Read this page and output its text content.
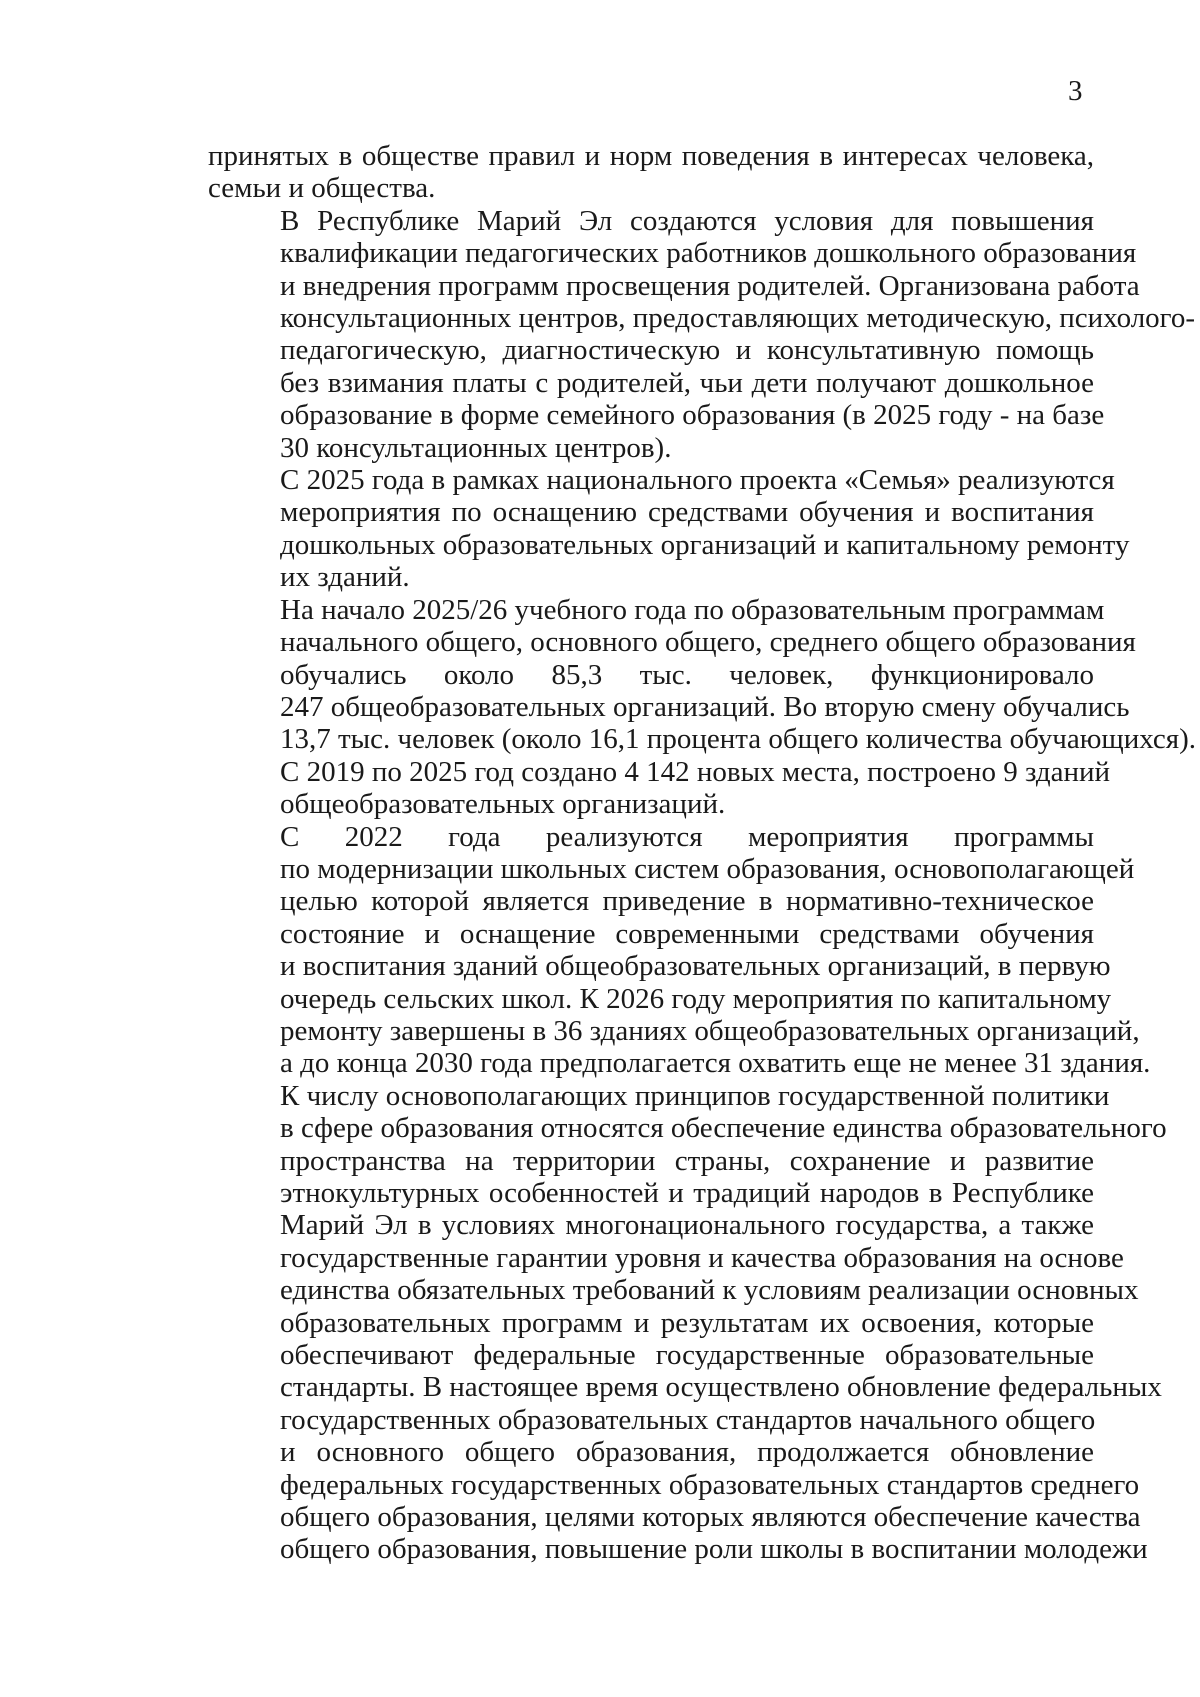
3

принятых в обществе правил и норм поведения в интересах человека,
семьи и общества.

В Республике Марий Эл создаются условия для повышения
квалификации педагогических работников дошкольного образования
и внедрения программ просвещения родителей. Организована работа
консультационных центров, предоставляющих методическую, психолого-
педагогическую, диагностическую и консультативную помощь
без взимания платы с родителей, чьи дети получают дошкольное
образование в форме семейного образования (в 2025 году - на базе
30 консультационных центров).

С 2025 года в рамках национального проекта «Семья» реализуются
мероприятия по оснащению средствами обучения и воспитания
дошкольных образовательных организаций и капитальному ремонту
их зданий.

На начало 2025/26 учебного года по образовательным программам
начального общего, основного общего, среднего общего образования
обучались около 85,3 тыс. человек, функционировало
247 общеобразовательных организаций. Во вторую смену обучались
13,7 тыс. человек (около 16,1 процента общего количества обучающихся).

С 2019 по 2025 год создано 4 142 новых места, построено 9 зданий
общеобразовательных организаций.

С 2022 года реализуются мероприятия программы
по модернизации школьных систем образования, основополагающей
целью которой является приведение в нормативно-техническое
состояние и оснащение современными средствами обучения
и воспитания зданий общеобразовательных организаций, в первую
очередь сельских школ. К 2026 году мероприятия по капитальному
ремонту завершены в 36 зданиях общеобразовательных организаций,
а до конца 2030 года предполагается охватить еще не менее 31 здания.

К числу основополагающих принципов государственной политики
в сфере образования относятся обеспечение единства образовательного
пространства на территории страны, сохранение и развитие
этнокультурных особенностей и традиций народов в Республике
Марий Эл в условиях многонационального государства, а также
государственные гарантии уровня и качества образования на основе
единства обязательных требований к условиям реализации основных
образовательных программ и результатам их освоения, которые
обеспечивают федеральные государственные образовательные
стандарты. В настоящее время осуществлено обновление федеральных
государственных образовательных стандартов начального общего
и основного общего образования, продолжается обновление
федеральных государственных образовательных стандартов среднего
общего образования, целями которых являются обеспечение качества
общего образования, повышение роли школы в воспитании молодежи
